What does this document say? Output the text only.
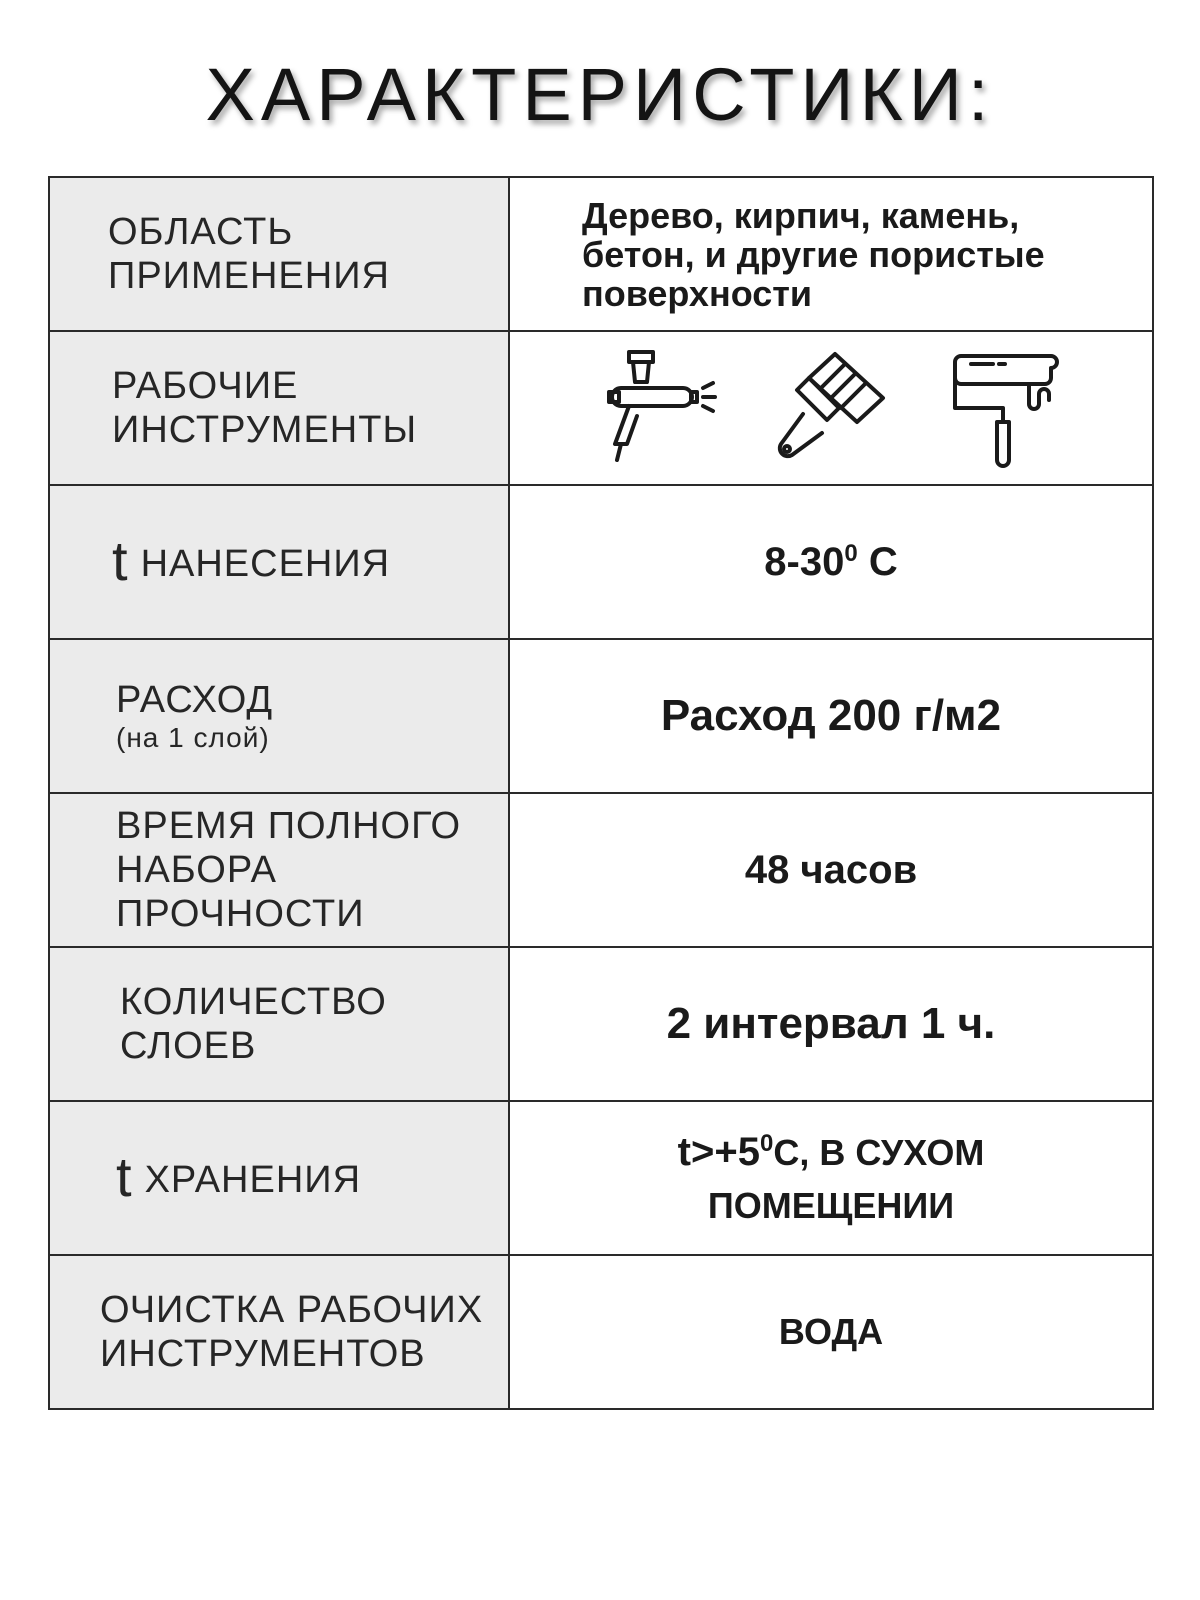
ХАРАКТЕРИСТИКИ:
ОБЛАСТЬ
ПРИМЕНЕНИЯ	Дерево, кирпич, камень,
бетон, и другие пористые
поверхности

РАБОЧИЕ
ИНСТРУМЕНТЫ

t НАНЕСЕНИЯ	$8-30^0$ С

РАСХОД
(на 1 слой)	Расход 200 г/м2

ВРЕМЯ ПОЛНОГО
НАБОРА
ПРОЧНОСТИ	48 часов

КОЛИЧЕСТВО
СЛОЕВ	2 интервал 1 ч.

t ХРАНЕНИЯ	$t>+5^0С$, В СУХОМ
ПОМЕЩЕНИИ

ОЧИСТКА РАБОЧИХ
ИНСТРУМЕНТОВ	ВОДА
